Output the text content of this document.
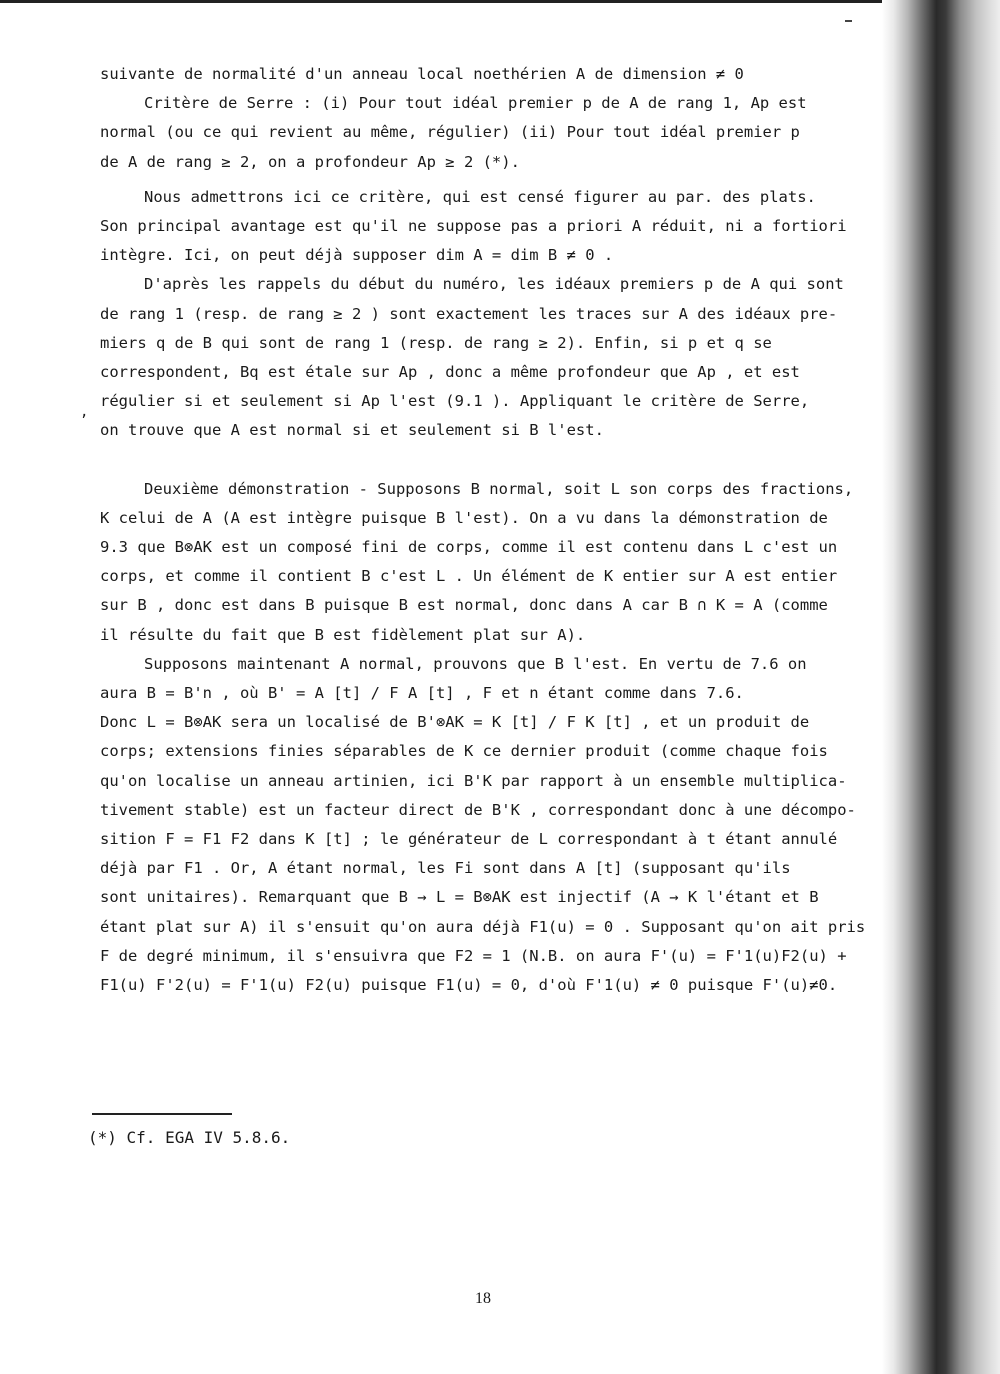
,
suivante de normalité d'un anneau local noethérien A de dimension ≠ 0
Critère de Serre : (i) Pour tout idéal premier p de A de rang 1, Ap est
normal (ou ce qui revient au même, régulier) (ii) Pour tout idéal premier p
de A de rang ≥ 2, on a profondeur Ap ≥ 2 (*).
Nous admettrons ici ce critère, qui est censé figurer au par. des plats.
Son principal avantage est qu'il ne suppose pas a priori A réduit, ni a fortiori
intègre. Ici, on peut déjà supposer dim A = dim B ≠ 0 .
D'après les rappels du début du numéro, les idéaux premiers p de A qui sont
de rang 1 (resp. de rang ≥ 2 ) sont exactement les traces sur A des idéaux pre-
miers q de B qui sont de rang 1 (resp. de rang ≥ 2). Enfin, si p et q se
correspondent, Bq est étale sur Ap , donc a même profondeur que Ap , et est
régulier si et seulement si Ap l'est (9.1 ). Appliquant le critère de Serre,
on trouve que A est normal si et seulement si B l'est.
Deuxième démonstration - Supposons B normal, soit L son corps des fractions,
K celui de A (A est intègre puisque B l'est). On a vu dans la démonstration de
9.3 que B⊗AK est un composé fini de corps, comme il est contenu dans L c'est un
corps, et comme il contient B c'est L . Un élément de K entier sur A est entier
sur B , donc est dans B puisque B est normal, donc dans A car B ∩ K = A (comme
il résulte du fait que B est fidèlement plat sur A).
Supposons maintenant A normal, prouvons que B l'est. En vertu de 7.6 on
aura B = B'n , où B' = A [t] / F A [t] , F et n étant comme dans 7.6.
Donc L = B⊗AK sera un localisé de B'⊗AK = K [t] / F K [t] , et un produit de
corps; extensions finies séparables de K ce dernier produit (comme chaque fois
qu'on localise un anneau artinien, ici B'K par rapport à un ensemble multiplica-
tivement stable) est un facteur direct de B'K , correspondant donc à une décompo-
sition F = F1 F2 dans K [t] ; le générateur de L correspondant à t étant annulé
déjà par F1 . Or, A étant normal, les Fi sont dans A [t] (supposant qu'ils
sont unitaires). Remarquant que B → L = B⊗AK est injectif (A → K l'étant et B
étant plat sur A) il s'ensuit qu'on aura déjà F1(u) = 0 . Supposant qu'on ait pris
F de degré minimum, il s'ensuivra que F2 = 1 (N.B. on aura F'(u) = F'1(u)F2(u) +
F1(u) F'2(u) = F'1(u) F2(u) puisque F1(u) = 0, d'où F'1(u) ≠ 0 puisque F'(u)≠0.
(*) Cf. EGA IV 5.8.6.
18
